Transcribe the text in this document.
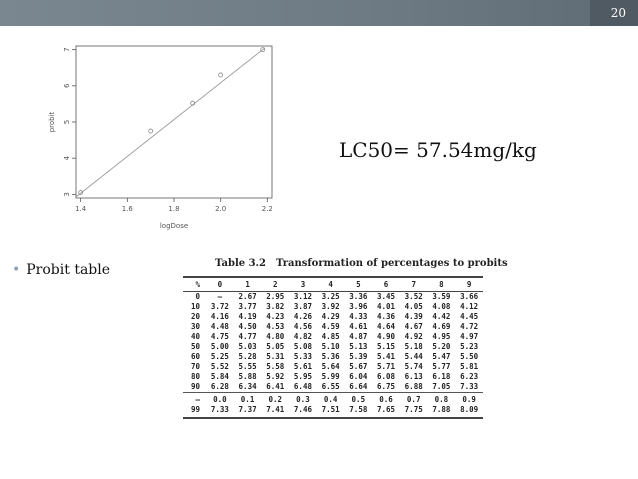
20
1.4	1.6	1.8	2.0	2.2
3
4
5
6
7
logDose
probit
LC50= 57.54mg/kg
• Probit table	Table 3.2 Transformation of percentages to probits
%	0	1	2	3	4	5	6	7	8	9
0	—	2.67	2.95	3.12	3.25	3.36	3.45	3.52	3.59	3.66
10	3.72	3.77	3.82	3.87	3.92	3.96	4.01	4.05	4.08	4.12
20	4.16	4.19	4.23	4.26	4.29	4.33	4.36	4.39	4.42	4.45
30	4.48	4.50	4.53	4.56	4.59	4.61	4.64	4.67	4.69	4.72
40	4.75	4.77	4.80	4.82	4.85	4.87	4.90	4.92	4.95	4.97
50	5.00	5.03	5.05	5.08	5.10	5.13	5.15	5.18	5.20	5.23
60	5.25	5.28	5.31	5.33	5.36	5.39	5.41	5.44	5.47	5.50
70	5.52	5.55	5.58	5.61	5.64	5.67	5.71	5.74	5.77	5.81
80	5.84	5.88	5.92	5.95	5.99	6.04	6.08	6.13	6.18	6.23
90	6.28	6.34	6.41	6.48	6.55	6.64	6.75	6.88	7.05	7.33
—	0.0	0.1	0.2	0.3	0.4	0.5	0.6	0.7	0.8	0.9
99	7.33	7.37	7.41	7.46	7.51	7.58	7.65	7.75	7.88	8.09
